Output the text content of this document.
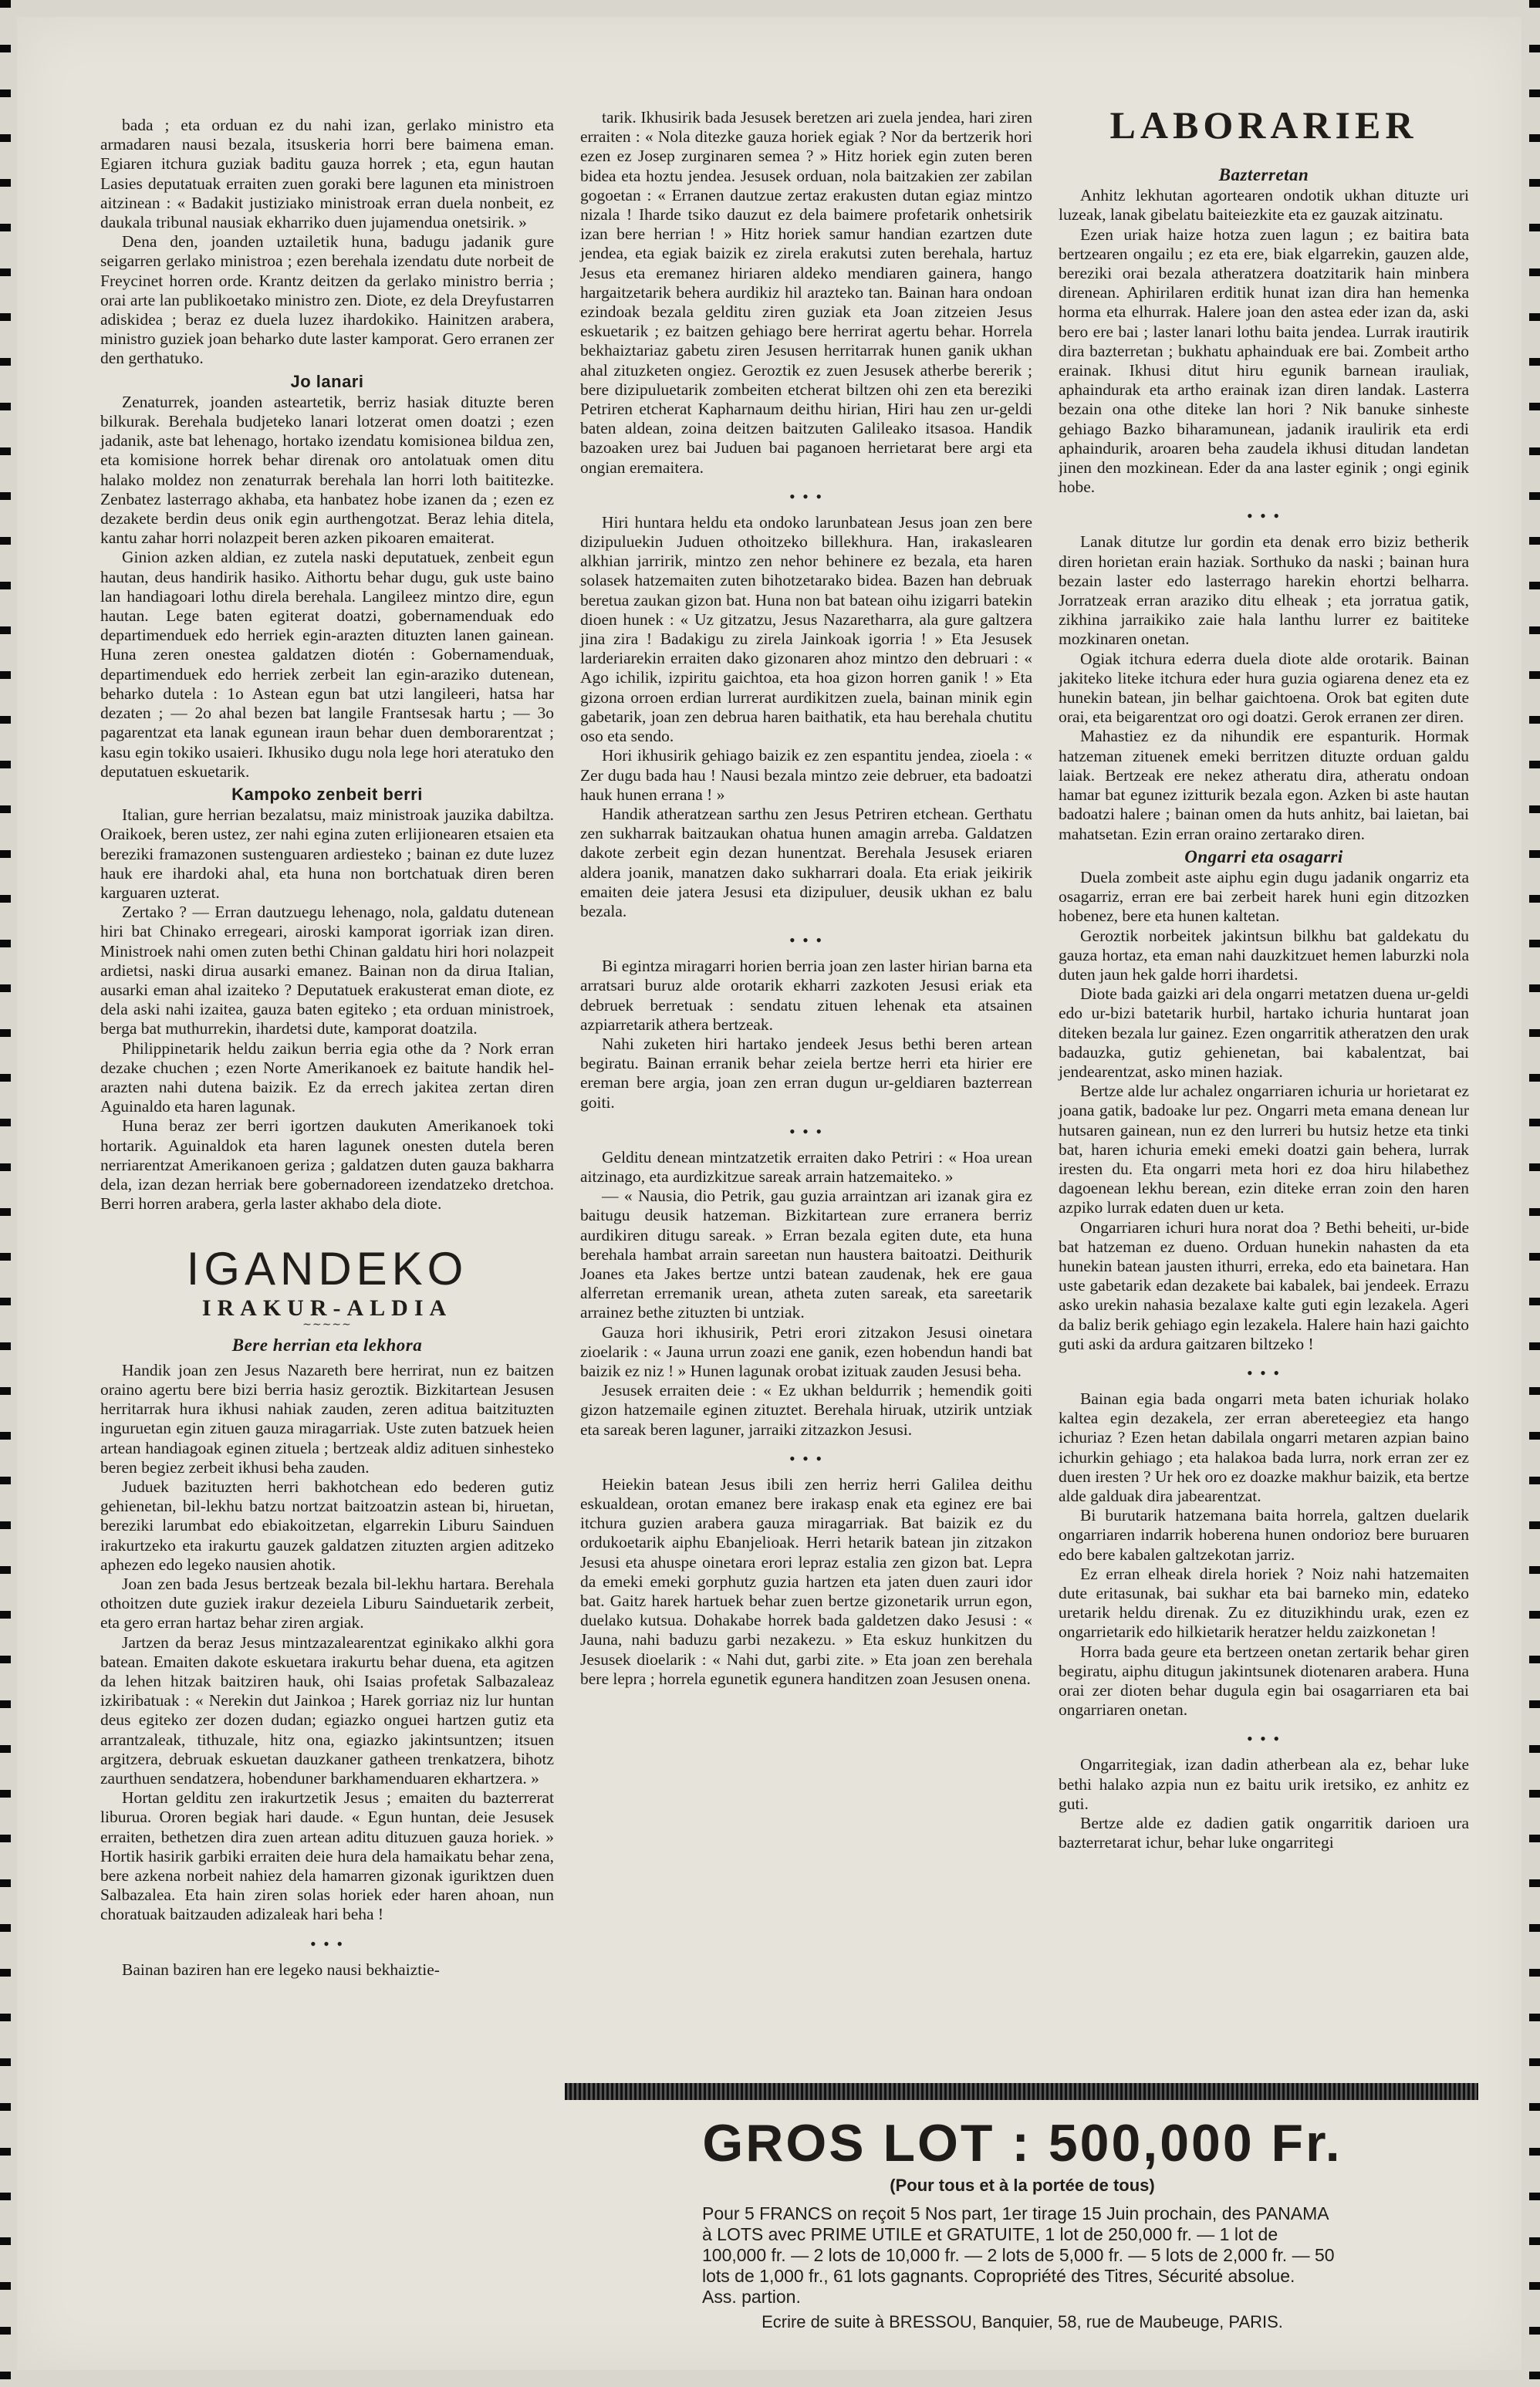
bada ; eta orduan ez du nahi izan, gerlako ministro eta armadaren nausi bezala, itsuskeria horri bere baimena eman. Egiaren itchura guziak baditu gauza horrek ; eta, egun hautan Lasies deputatuak erraiten zuen goraki bere lagunen eta ministroen aitzinean : « Badakit justiziako ministroak erran duela nonbeit, ez daukala tribunal nausiak ekharriko duen jujamendua onetsirik. »

Dena den, joanden uztailetik huna, badugu jadanik gure seigarren gerlako ministroa ; ezen berehala izendatu dute norbeit de Freycinet horren orde. Krantz deitzen da gerlako ministro berria ; orai arte lan publikoetako ministro zen. Diote, ez dela Dreyfustarren adiskidea ; beraz ez duela luzez ihardokiko. Hainitzen arabera, ministro guziek joan beharko dute laster kamporat. Gero erranen zer den gerthatuko.

Jo lanari

Zenaturrek, joanden asteartetik, berriz hasiak dituzte beren bilkurak. Berehala budjeteko lanari lotzerat omen doatzi ; ezen jadanik, aste bat lehenago, hortako izendatu komisionea bildua zen, eta komisione horrek behar direnak oro antolatuak omen ditu halako moldez non zenaturrak berehala lan horri loth baititezke. Zenbatez lasterrago akhaba, eta hanbatez hobe izanen da ; ezen ez dezakete berdin deus onik egin aurthengotzat. Beraz lehia ditela, kantu zahar horri nolazpeit beren azken pikoaren emaiterat.

Ginion azken aldian, ez zutela naski deputatuek, zenbeit egun hautan, deus handirik hasiko. Aithortu behar dugu, guk uste baino lan handiagoari lothu direla berehala. Langileez mintzo dire, egun hautan. Lege baten egiterat doatzi, gobernamenduak edo departimenduek edo herriek egin-arazten dituzten lanen gainean. Huna zeren onestea galdatzen diotén : Gobernamenduak, departimenduek edo herriek zerbeit lan egin-araziko dutenean, beharko dutela : 1o Astean egun bat utzi langileeri, hatsa har dezaten ; — 2o ahal bezen bat langile Frantsesak hartu ; — 3o pagarentzat eta lanak egunean iraun behar duen demborarentzat ; kasu egin tokiko usaieri. Ikhusiko dugu nola lege hori ateratuko den deputatuen eskuetarik.

Kampoko zenbeit berri

Italian, gure herrian bezalatsu, maiz ministroak jauzika dabiltza. Oraikoek, beren ustez, zer nahi egina zuten erlijionearen etsaien eta bereziki framazonen sustenguaren ardiesteko ; bainan ez dute luzez hauk ere ihardoki ahal, eta huna non bortchatuak diren beren karguaren uzterat.

Zertako ? — Erran dautzuegu lehenago, nola, galdatu dutenean hiri bat Chinako erregeari, airoski kamporat igorriak izan diren. Ministroek nahi omen zuten bethi Chinan galdatu hiri hori nolazpeit ardietsi, naski dirua ausarki emanez. Bainan non da dirua Italian, ausarki eman ahal izaiteko ? Deputatuek erakusterat eman diote, ez dela aski nahi izaitea, gauza baten egiteko ; eta orduan ministroek, berga bat muthurrekin, ihardetsi dute, kamporat doatzila.

Philippinetarik heldu zaikun berria egia othe da ? Nork erran dezake chuchen ; ezen Norte Amerikanoek ez baitute handik hel-arazten nahi dutena baizik. Ez da errech jakitea zertan diren Aguinaldo eta haren lagunak.

Huna beraz zer berri igortzen daukuten Amerikanoek toki hortarik. Aguinaldok eta haren lagunek onesten dutela beren nerriarentzat Amerikanoen geriza ; galdatzen duten gauza bakharra dela, izan dezan herriak bere gobernadoreen izendatzeko dretchoa. Berri horren arabera, gerla laster akhabo dela diote.

IGANDEKO
IRAKUR-ALDIA
∼∼∼∼∼
Bere herrian eta lekhora

Handik joan zen Jesus Nazareth bere herrirat, nun ez baitzen oraino agertu bere bizi berria hasiz geroztik. Bizkitartean Jesusen herritarrak hura ikhusi nahiak zauden, zeren aditua baitzituzten inguruetan egin zituen gauza miragarriak. Uste zuten batzuek heien artean handiagoak eginen zituela ; bertzeak aldiz adituen sinhesteko beren begiez zerbeit ikhusi beha zauden.

Juduek bazituzten herri bakhotchean edo bederen gutiz gehienetan, bil-lekhu batzu nortzat baitzoatzin astean bi, hiruetan, bereziki larumbat edo ebiakoitzetan, elgarrekin Liburu Sainduen irakurtzeko eta irakurtu gauzek galdatzen zituzten argien aditzeko aphezen edo legeko nausien ahotik.

Joan zen bada Jesus bertzeak bezala bil-lekhu hartara. Berehala othoitzen dute guziek irakur dezeiela Liburu Sainduetarik zerbeit, eta gero erran hartaz behar ziren argiak.

Jartzen da beraz Jesus mintzazalearentzat eginikako alkhi gora batean. Emaiten dakote eskuetara irakurtu behar duena, eta agitzen da lehen hitzak baitziren hauk, ohi Isaias profetak Salbazaleaz izkiribatuak : « Nerekin dut Jainkoa ; Harek gorriaz niz lur huntan deus egiteko zer dozen dudan; egiazko onguei hartzen gutiz eta arrantzaleak, tithuzale, hitz ona, egiazko jakintsuntzen; itsuen argitzera, debruak eskuetan dauzkaner gatheen trenkatzera, bihotz zaurthuen sendatzera, hobenduner barkhamenduaren ekhartzera. »

Hortan gelditu zen irakurtzetik Jesus ; emaiten du bazterrerat liburua. Ororen begiak hari daude. « Egun huntan, deie Jesusek erraiten, bethetzen dira zuen artean aditu dituzuen gauza horiek. » Hortik hasirik garbiki erraiten deie hura dela hamaikatu behar zena, bere azkena norbeit nahiez dela hamarren gizonak iguriktzen duen Salbazalea. Eta hain ziren solas horiek eder haren ahoan, nun choratuak baitzauden adizaleak hari beha !

• • •

Bainan baziren han ere legeko nausi bekhaiztie-

tarik. Ikhusirik bada Jesusek beretzen ari zuela jendea, hari ziren erraiten : « Nola ditezke gauza horiek egiak ? Nor da bertzerik hori ezen ez Josep zurginaren semea ? » Hitz horiek egin zuten beren bidea eta hoztu jendea. Jesusek orduan, nola baitzakien zer zabilan gogoetan : « Erranen dautzue zertaz erakusten dutan egiaz mintzo nizala ! Iharde tsiko dauzut ez dela baimere profetarik onhetsirik izan bere herrian ! » Hitz horiek samur handian ezartzen dute jendea, eta egiak baizik ez zirela erakutsi zuten berehala, hartuz Jesus eta eremanez hiriaren aldeko mendiaren gainera, hango hargaitzetarik behera aurdikiz hil arazteko tan. Bainan hara ondoan ezindoak bezala gelditu ziren guziak eta Joan zitzeien Jesus eskuetarik ; ez baitzen gehiago bere herrirat agertu behar. Horrela bekhaiztariaz gabetu ziren Jesusen herritarrak hunen ganik ukhan ahal zituzketen ongiez. Geroztik ez zuen Jesusek atherbe bererik ; bere dizipuluetarik zombeiten etcherat biltzen ohi zen eta bereziki Petriren etcherat Kapharnaum deithu hirian, Hiri hau zen ur-geldi baten aldean, zoina deitzen baitzuten Galileako itsasoa. Handik bazoaken urez bai Juduen bai paganoen herrietarat bere argi eta ongian eremaitera.

• • •

Hiri huntara heldu eta ondoko larunbatean Jesus joan zen bere dizipuluekin Juduen othoitzeko billekhura. Han, irakaslearen alkhian jarririk, mintzo zen nehor behinere ez bezala, eta haren solasek hatzemaiten zuten bihotzetarako bidea. Bazen han debruak beretua zaukan gizon bat. Huna non bat batean oihu izigarri batekin dioen hunek : « Uz gitzatzu, Jesus Nazaretharra, ala gure galtzera jina zira ! Badakigu zu zirela Jainkoak igorria ! » Eta Jesusek larderiarekin erraiten dako gizonaren ahoz mintzo den debruari : « Ago ichilik, izpiritu gaichtoa, eta hoa gizon horren ganik ! » Eta gizona orroen erdian lurrerat aurdikitzen zuela, bainan minik egin gabetarik, joan zen debrua haren baithatik, eta hau berehala chutitu oso eta sendo.

Hori ikhusirik gehiago baizik ez zen espantitu jendea, zioela : « Zer dugu bada hau ! Nausi bezala mintzo zeie debruer, eta badoatzi hauk hunen errana ! »

Handik atheratzean sarthu zen Jesus Petriren etchean. Gerthatu zen sukharrak baitzaukan ohatua hunen amagin arreba. Galdatzen dakote zerbeit egin dezan hunentzat. Berehala Jesusek eriaren aldera joanik, manatzen dako sukharrari doala. Eta eriak jeikirik emaiten deie jatera Jesusi eta dizipuluer, deusik ukhan ez balu bezala.

• • •

Bi egintza miragarri horien berria joan zen laster hirian barna eta arratsari buruz alde orotarik ekharri zazkoten Jesusi eriak eta debruek berretuak : sendatu zituen lehenak eta atsainen azpiarretarik athera bertzeak.

Nahi zuketen hiri hartako jendeek Jesus bethi beren artean begiratu. Bainan erranik behar zeiela bertze herri eta hirier ere ereman bere argia, joan zen erran dugun ur-geldiaren bazterrean goiti.

• • •

Gelditu denean mintzatzetik erraiten dako Petriri : « Hoa urean aitzinago, eta aurdizkitzue sareak arrain hatzemaiteko. »

— « Nausia, dio Petrik, gau guzia arraintzan ari izanak gira ez baitugu deusik hatzeman. Bizkitartean zure erranera berriz aurdikiren ditugu sareak. » Erran bezala egiten dute, eta huna berehala hambat arrain sareetan nun haustera baitoatzi. Deithurik Joanes eta Jakes bertze untzi batean zaudenak, hek ere gaua alferretan erremanik urean, atheta zuten sareak, eta sareetarik arrainez bethe zituzten bi untziak.

Gauza hori ikhusirik, Petri erori zitzakon Jesusi oinetara zioelarik : « Jauna urrun zoazi ene ganik, ezen hobendun handi bat baizik ez niz ! » Hunen lagunak orobat izituak zauden Jesusi beha.

Jesusek erraiten deie : « Ez ukhan beldurrik ; hemendik goiti gizon hatzemaile eginen zituztet. Berehala hiruak, utzirik untziak eta sareak beren laguner, jarraiki zitzazkon Jesusi.

• • •

Heiekin batean Jesus ibili zen herriz herri Galilea deithu eskualdean, orotan emanez bere irakasp enak eta eginez ere bai itchura guzien arabera gauza miragarriak. Bat baizik ez du ordukoetarik aiphu Ebanjelioak. Herri hetarik batean jin zitzakon Jesusi eta ahuspe oinetara erori lepraz estalia zen gizon bat. Lepra da emeki emeki gorphutz guzia hartzen eta jaten duen zauri idor bat. Gaitz harek hartuek behar zuen bertze gizonetarik urrun egon, duelako kutsua. Dohakabe horrek bada galdetzen dako Jesusi : « Jauna, nahi baduzu garbi nezakezu. » Eta eskuz hunkitzen du Jesusek dioelarik : « Nahi dut, garbi zite. » Eta joan zen berehala bere lepra ; horrela egunetik egunera handitzen zoan Jesusen onena.

LABORARIER
Bazterretan

Anhitz lekhutan agortearen ondotik ukhan dituzte uri luzeak, lanak gibelatu baiteiezkite eta ez gauzak aitzinatu.

Ezen uriak haize hotza zuen lagun ; ez baitira bata bertzearen ongailu ; ez eta ere, biak elgarrekin, gauzen alde, bereziki orai bezala atheratzera doatzitarik hain minbera direnean. Aphirilaren erditik hunat izan dira han hemenka horma eta elhurrak. Halere joan den astea eder izan da, aski bero ere bai ; laster lanari lothu baita jendea. Lurrak irautirik dira bazterretan ; bukhatu aphainduak ere bai. Zombeit artho erainak. Ikhusi ditut hiru egunik barnean irauliak, aphaindurak eta artho erainak izan diren landak. Lasterra bezain ona othe diteke lan hori ? Nik banuke sinheste gehiago Bazko biharamunean, jadanik iraulirik eta erdi aphaindurik, aroaren beha zaudela ikhusi ditudan landetan jinen den mozkinean. Eder da ana laster eginik ; ongi eginik hobe.

• • •

Lanak ditutze lur gordin eta denak erro biziz betherik diren horietan erain haziak. Sorthuko da naski ; bainan hura bezain laster edo lasterrago harekin ehortzi belharra. Jorratzeak erran araziko ditu elheak ; eta jorratua gatik, zikhina jarraikiko zaie hala lanthu lurrer ez baititeke mozkinaren onetan.

Ogiak itchura ederra duela diote alde orotarik. Bainan jakiteko liteke itchura eder hura guzia ogiarena denez eta ez hunekin batean, jin belhar gaichtoena. Orok bat egiten dute orai, eta beigarentzat oro ogi doatzi. Gerok erranen zer diren.

Mahastiez ez da nihundik ere espanturik. Hormak hatzeman zituenek emeki berritzen dituzte orduan galdu laiak. Bertzeak ere nekez atheratu dira, atheratu ondoan hamar bat egunez izitturik bezala egon. Azken bi aste hautan badoatzi halere ; bainan omen da huts anhitz, bai laietan, bai mahatsetan. Ezin erran oraino zertarako diren.

Ongarri eta osagarri

Duela zombeit aste aiphu egin dugu jadanik ongarriz eta osagarriz, erran ere bai zerbeit harek huni egin ditzozken hobenez, bere eta hunen kaltetan.

Geroztik norbeitek jakintsun bilkhu bat galdekatu du gauza hortaz, eta eman nahi dauzkitzuet hemen laburzki nola duten jaun hek galde horri ihardetsi.

Diote bada gaizki ari dela ongarri metatzen duena ur-geldi edo ur-bizi batetarik hurbil, hartako ichuria huntarat joan diteken bezala lur gainez. Ezen ongarritik atheratzen den urak badauzka, gutiz gehienetan, bai kabalentzat, bai jendearentzat, asko minen haziak.

Bertze alde lur achalez ongarriaren ichuria ur horietarat ez joana gatik, badoake lur pez. Ongarri meta emana denean lur hutsaren gainean, nun ez den lurreri bu hutsiz hetze eta tinki bat, haren ichuria emeki emeki doatzi gain behera, lurrak iresten du. Eta ongarri meta hori ez doa hiru hilabethez dagoenean lekhu berean, ezin diteke erran zoin den haren azpiko lurrak edaten duen ur keta.

Ongarriaren ichuri hura norat doa ? Bethi beheiti, ur-bide bat hatzeman ez dueno. Orduan hunekin nahasten da eta hunekin batean jausten ithurri, erreka, edo eta bainetara. Han uste gabetarik edan dezakete bai kabalek, bai jendeek. Errazu asko urekin nahasia bezalaxe kalte guti egin lezakela. Ageri da baliz berik gehiago egin lezakela. Halere hain hazi gaichto guti aski da ardura gaitzaren biltzeko !

• • •

Bainan egia bada ongarri meta baten ichuriak holako kaltea egin dezakela, zer erran abereteegiez eta hango ichuriaz ? Ezen hetan dabilala ongarri metaren azpian baino ichurkin gehiago ; eta halakoa bada lurra, nork erran zer ez duen iresten ? Ur hek oro ez doazke makhur baizik, eta bertze alde galduak dira jabearentzat.

Bi burutarik hatzemana baita horrela, galtzen duelarik ongarriaren indarrik hoberena hunen ondorioz bere buruaren edo bere kabalen galtzekotan jarriz.

Ez erran elheak direla horiek ? Noiz nahi hatzemaiten dute eritasunak, bai sukhar eta bai barneko min, edateko uretarik heldu direnak. Zu ez dituzikhindu urak, ezen ez ongarrietarik edo hilkietarik heratzer heldu zaizkonetan !

Horra bada geure eta bertzeen onetan zertarik behar giren begiratu, aiphu ditugun jakintsunek diotenaren arabera. Huna orai zer dioten behar dugula egin bai osagarriaren eta bai ongarriaren onetan.

• • •

Ongarritegiak, izan dadin atherbean ala ez, behar luke bethi halako azpia nun ez baitu urik iretsiko, ez anhitz ez guti.

Bertze alde ez dadien gatik ongarritik darioen ura bazterretarat ichur, behar luke ongarritegi

GROS LOT : 500,000 Fr.
(Pour tous et à la portée de tous)
Pour 5 FRANCS on reçoit 5 Nos part, 1er tirage 15 Juin prochain, des PANAMA à LOTS avec PRIME UTILE et GRATUITE, 1 lot de 250,000 fr. — 1 lot de 100,000 fr. — 2 lots de 10,000 fr. — 2 lots de 5,000 fr. — 5 lots de 2,000 fr. — 50 lots de 1,000 fr., 61 lots gagnants. Copropriété des Titres, Sécurité absolue.
Ass. partion.
Ecrire de suite à BRESSOU, Banquier, 58, rue de Maubeuge, PARIS.
